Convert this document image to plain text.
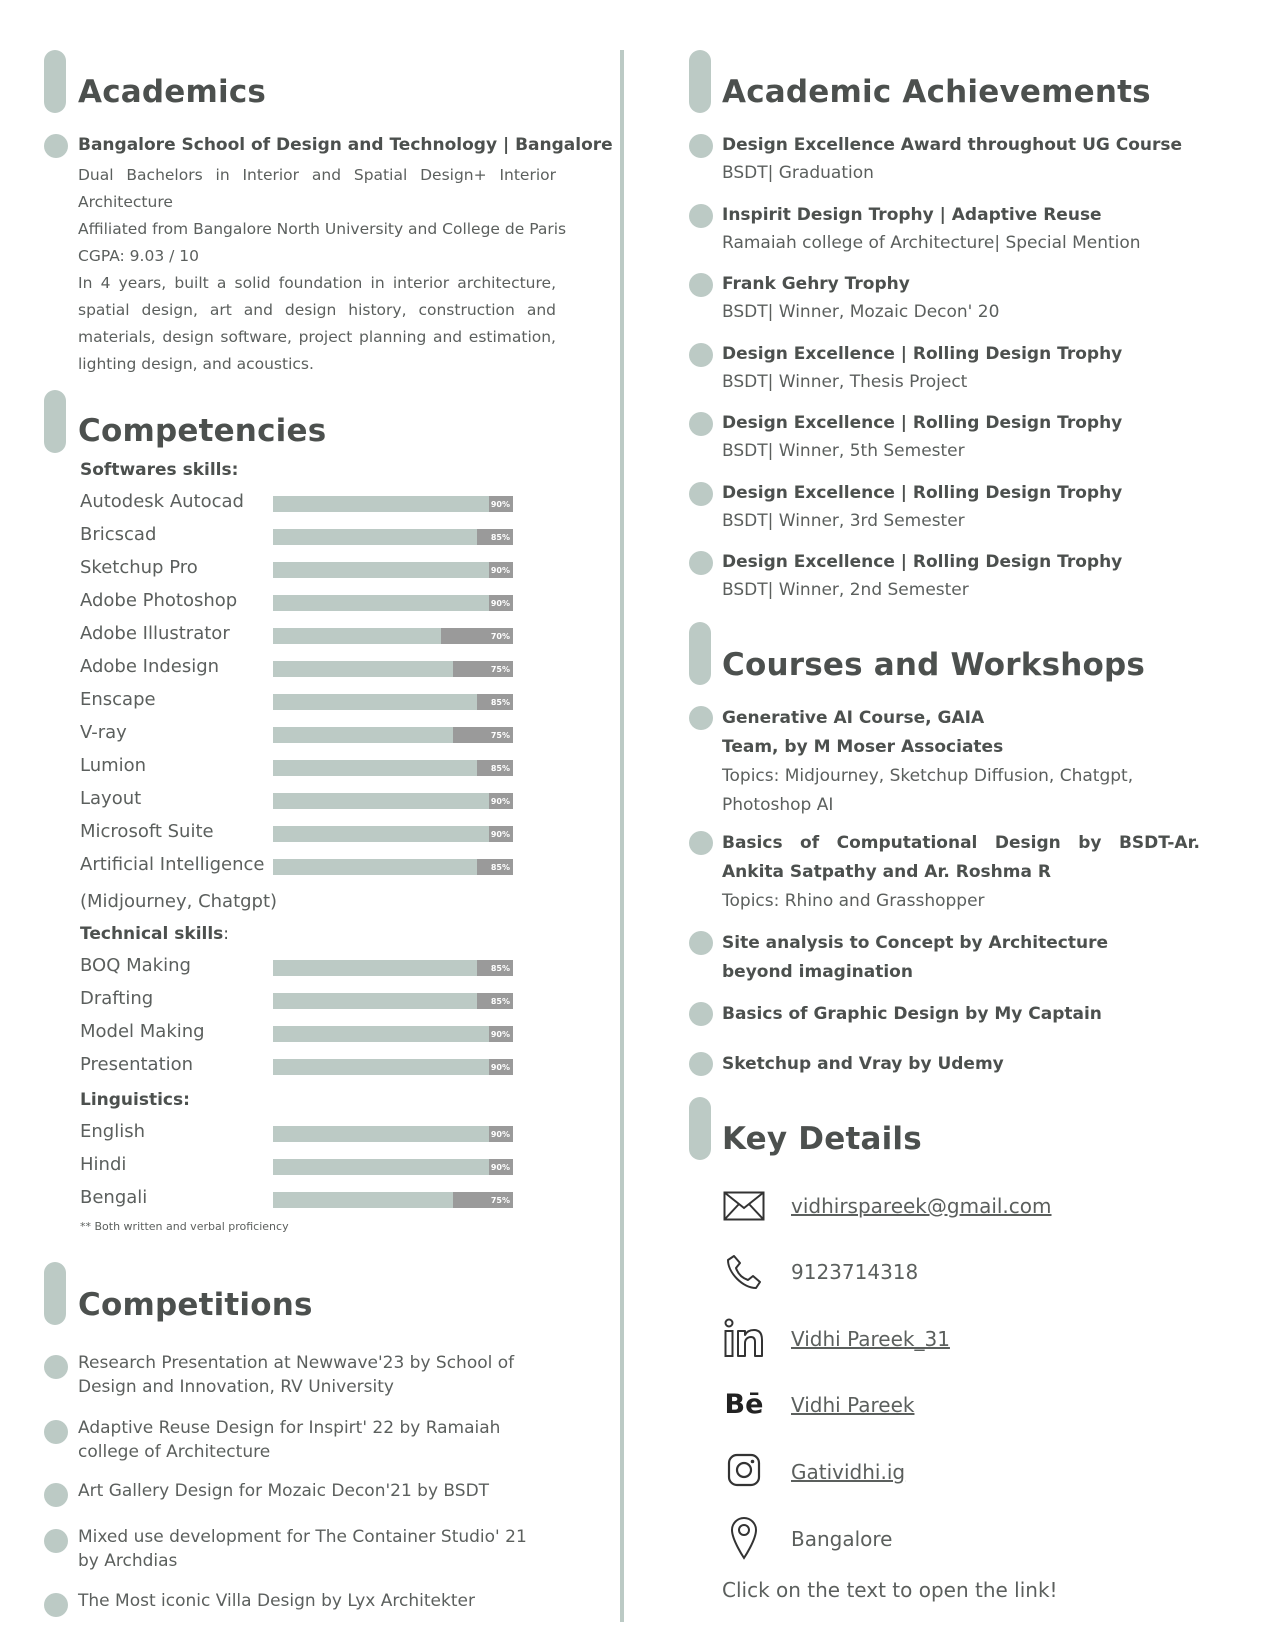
Academics
Bangalore School of Design and Technology | Bangalore
Dual Bachelors in Interior and Spatial Design+ Interior Architecture
Affiliated from Bangalore North University and College de Paris
CGPA: 9.03 / 10
In 4 years, built a solid foundation in interior architecture, spatial design, art and design history, construction and materials, design software, project planning and estimation, lighting design, and acoustics.
Competencies
Softwares skills:
Autodesk Autocad	90%
Bricscad	85%
Sketchup Pro	90%
Adobe Photoshop	90%
Adobe Illustrator	70%
Adobe Indesign	75%
Enscape	85%
V-ray	75%
Lumion	85%
Layout	90%
Microsoft Suite	90%
Artificial Intelligence	85%
(Midjourney, Chatgpt)
Technical skills:
BOQ Making	85%
Drafting	85%
Model Making	90%
Presentation	90%
Linguistics:
English	90%
Hindi	90%
Bengali	75%
** Both written and verbal proficiency
Competitions
Research Presentation at Newwave'23 by School of
Design and Innovation, RV University
Adaptive Reuse Design for Inspirt' 22 by Ramaiah
college of Architecture
Art Gallery Design for Mozaic Decon'21 by BSDT
Mixed use development for The Container Studio' 21
by Archdias
The Most iconic Villa Design by Lyx Architekter
Academic Achievements
Design Excellence Award throughout UG Course
BSDT| Graduation
Inspirit Design Trophy | Adaptive Reuse
Ramaiah college of Architecture| Special Mention
Frank Gehry Trophy
BSDT| Winner, Mozaic Decon' 20
Design Excellence | Rolling Design Trophy
BSDT| Winner, Thesis Project
Design Excellence | Rolling Design Trophy
BSDT| Winner, 5th Semester
Design Excellence | Rolling Design Trophy
BSDT| Winner, 3rd Semester
Design Excellence | Rolling Design Trophy
BSDT| Winner, 2nd Semester
Courses and Workshops
Generative AI Course, GAIA Team, by M Moser Associates
Topics: Midjourney, Sketchup Diffusion, Chatgpt, Photoshop AI
Basics of Computational Design by BSDT-Ar. Ankita Satpathy and Ar. Roshma R
Topics: Rhino and Grasshopper
Site analysis to Concept by Architecture beyond imagination
Basics of Graphic Design by My Captain
Sketchup and Vray by Udemy
Key Details
vidhirspareek@gmail.com
9123714318
Vidhi Pareek_31
Bē Vidhi Pareek
Gatividhi.ig
Bangalore
Click on the text to open the link!
